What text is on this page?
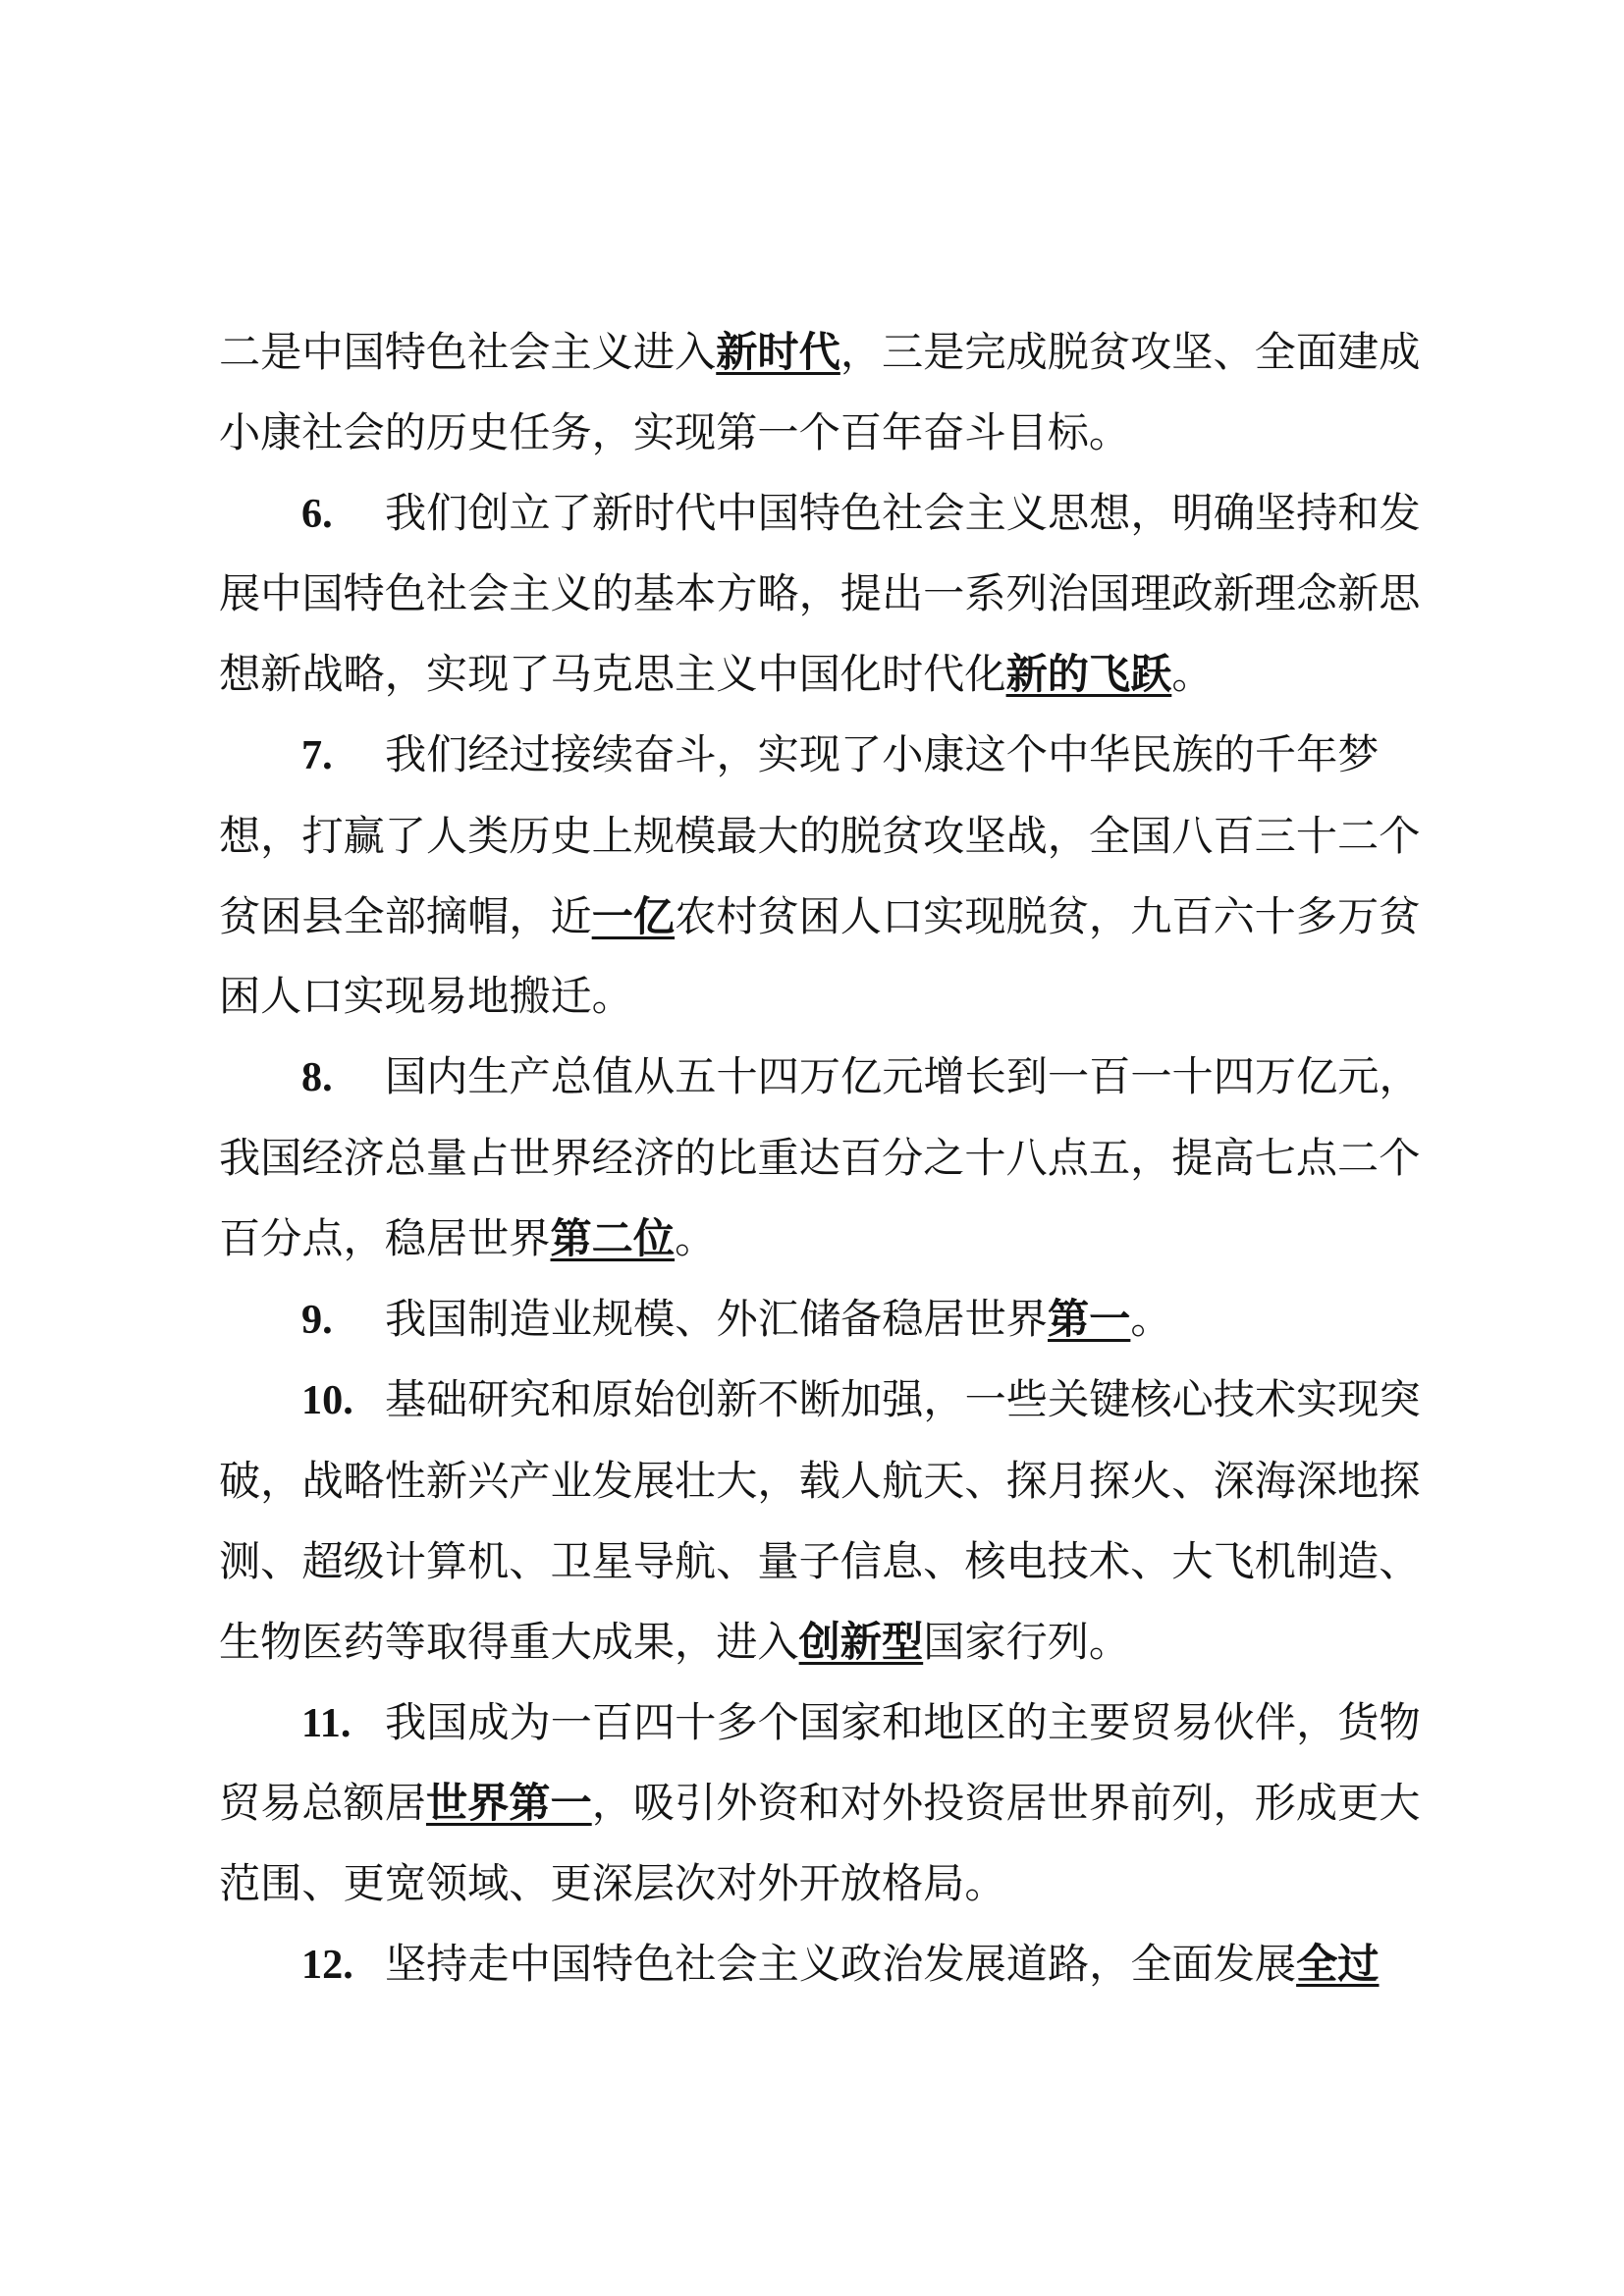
二是中国特色社会主义进入新时代，三是完成脱贫攻坚、全面建成小康社会的历史任务，实现第一个百年奋斗目标。

6. 我们创立了新时代中国特色社会主义思想，明确坚持和发展中国特色社会主义的基本方略，提出一系列治国理政新理念新思想新战略，实现了马克思主义中国化时代化新的飞跃。

7. 我们经过接续奋斗，实现了小康这个中华民族的千年梦想，打赢了人类历史上规模最大的脱贫攻坚战，全国八百三十二个贫困县全部摘帽，近一亿农村贫困人口实现脱贫，九百六十多万贫困人口实现易地搬迁。

8. 国内生产总值从五十四万亿元增长到一百一十四万亿元，我国经济总量占世界经济的比重达百分之十八点五，提高七点二个百分点，稳居世界第二位。

9. 我国制造业规模、外汇储备稳居世界第一。

10. 基础研究和原始创新不断加强，一些关键核心技术实现突破，战略性新兴产业发展壮大，载人航天、探月探火、深海深地探测、超级计算机、卫星导航、量子信息、核电技术、大飞机制造、生物医药等取得重大成果，进入创新型国家行列。

11. 我国成为一百四十多个国家和地区的主要贸易伙伴，货物贸易总额居世界第一，吸引外资和对外投资居世界前列，形成更大范围、更宽领域、更深层次对外开放格局。

12. 坚持走中国特色社会主义政治发展道路，全面发展全过
